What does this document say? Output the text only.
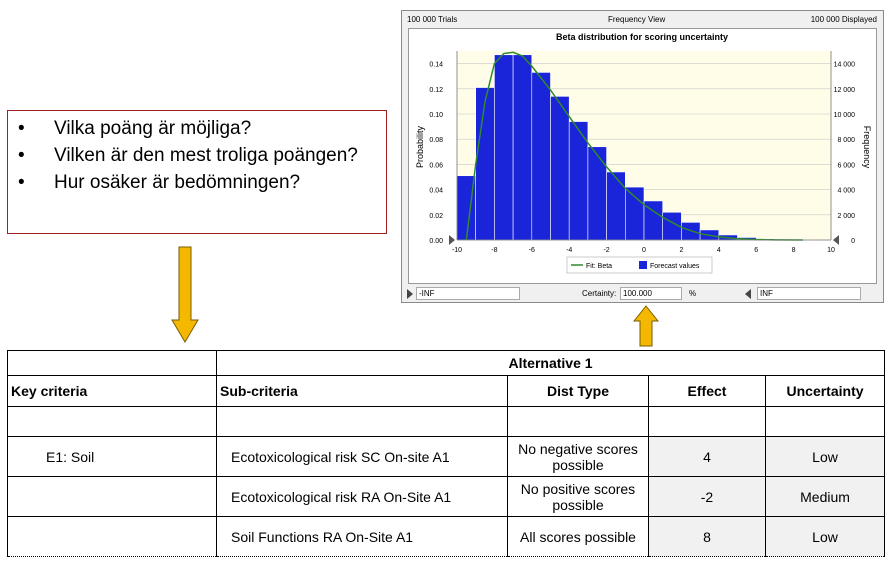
• Vilka poäng är möjliga?
• Vilken är den mest troliga poängen?
• Hur osäker är bedömningen?
100 000 Trials	Frequency View	100 000 Displayed
Beta distribution for scoring uncertainty
0.00	0
0.02	2 000
0.04	4 000
0.06	6 000
0.08	8 000
0.10	10 000
0.12	12 000
0.14	14 000
-10	-8	-6	-4	-2	0	2	4	6	8	10
Probability	Frequency
Fit: Beta	Forecast values
-INF	Certainty: 100.000	%	INF
	Alternative 1			
Key criteria	Sub-criteria	Dist Type	Effect	Uncertainty

E1: Soil	Ecotoxicological risk SC On-site A1	No negative scores possible	4	Low
	Ecotoxicological risk RA On-Site A1	No positive scores possible	-2	Medium
	Soil Functions RA On-Site A1	All scores possible	8	Low
